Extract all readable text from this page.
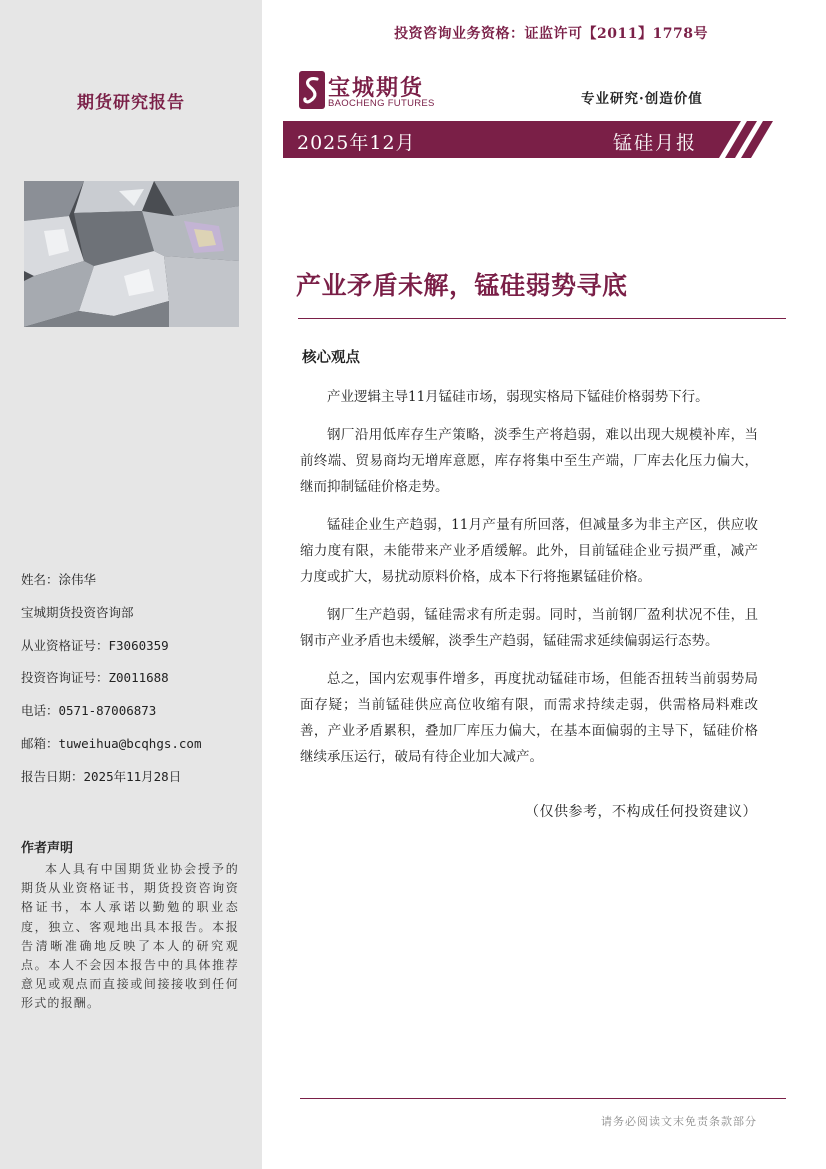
期货研究报告
姓名：涂伟华
宝城期货投资咨询部
从业资格证号：F3060359
投资咨询证号：Z0011688
电话：0571-87006873
邮箱：tuweihua@bcqhgs.com
报告日期：2025年11月28日
作者声明
本人具有中国期货业协会授予的期货从业资格证书，期货投资咨询资格证书，本人承诺以勤勉的职业态度，独立、客观地出具本报告。本报告清晰准确地反映了本人的研究观点。本人不会因本报告中的具体推荐意见或观点而直接或间接接收到任何形式的报酬。
投资咨询业务资格：证监许可【2011】1778号
宝城期货
BAOCHENG FUTURES	专业研究·创造价值
2025年12月	锰硅月报
产业矛盾未解，锰硅弱势寻底
核心观点

产业逻辑主导11月锰硅市场，弱现实格局下锰硅价格弱势下行。

钢厂沿用低库存生产策略，淡季生产将趋弱，难以出现大规模补库，当前终端、贸易商均无增库意愿，库存将集中至生产端，厂库去化压力偏大，继而抑制锰硅价格走势。

锰硅企业生产趋弱，11月产量有所回落，但减量多为非主产区，供应收缩力度有限，未能带来产业矛盾缓解。此外，目前锰硅企业亏损严重，减产力度或扩大，易扰动原料价格，成本下行将拖累锰硅价格。

钢厂生产趋弱，锰硅需求有所走弱。同时，当前钢厂盈利状况不佳，且钢市产业矛盾也未缓解，淡季生产趋弱，锰硅需求延续偏弱运行态势。

总之，国内宏观事件增多，再度扰动锰硅市场，但能否扭转当前弱势局面存疑；当前锰硅供应高位收缩有限，而需求持续走弱，供需格局料难改善，产业矛盾累积，叠加厂库压力偏大，在基本面偏弱的主导下，锰硅价格继续承压运行，破局有待企业加大减产。

（仅供参考，不构成任何投资建议）
请务必阅读文末免责条款部分
